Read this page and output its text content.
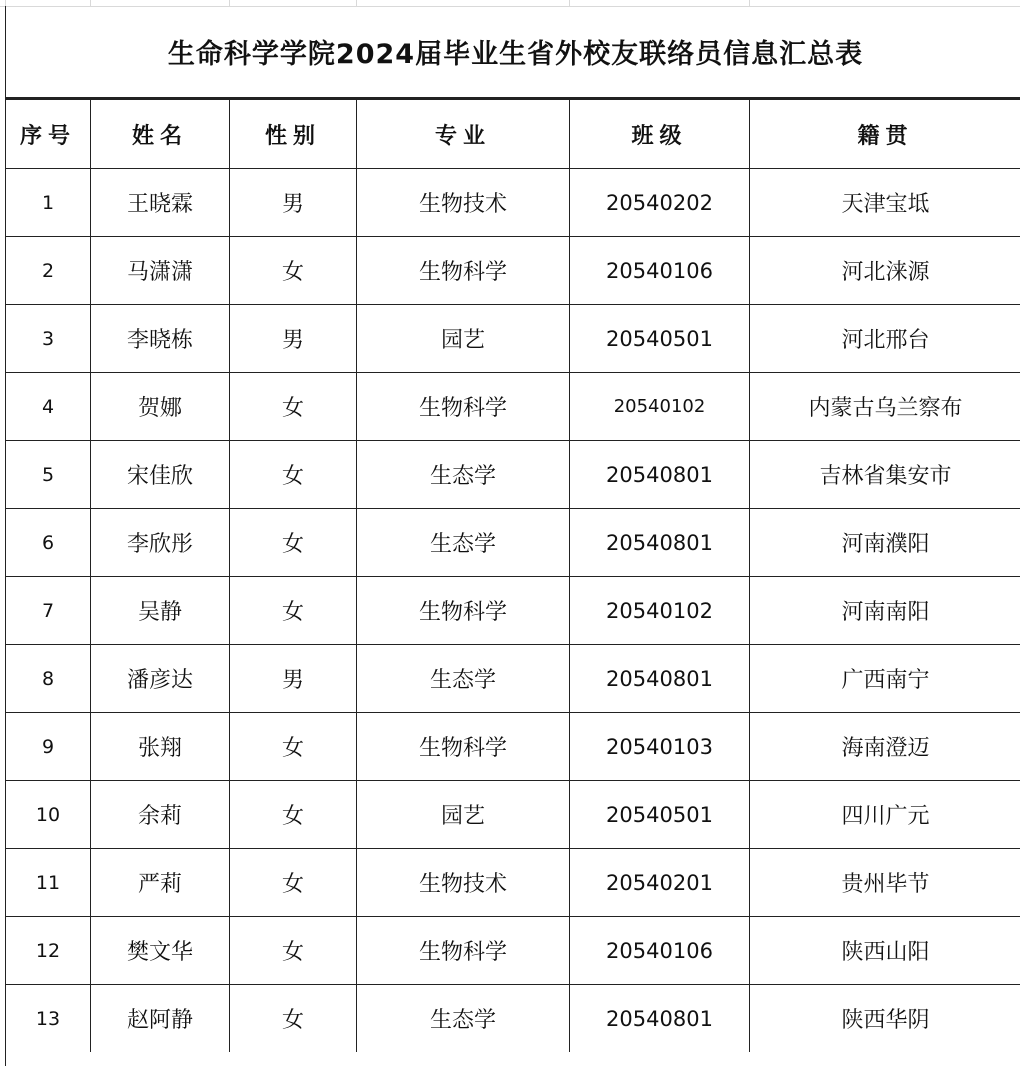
生命科学学院2024届毕业生省外校友联络员信息汇总表
序号	姓名	性别	专业	班级	籍贯
1	王晓霖	男	生物技术	20540202	天津宝坻
2	马潇潇	女	生物科学	20540106	河北涞源
3	李晓栋	男	园艺	20540501	河北邢台
4	贺娜	女	生物科学	20540102	内蒙古乌兰察布
5	宋佳欣	女	生态学	20540801	吉林省集安市
6	李欣彤	女	生态学	20540801	河南濮阳
7	吴静	女	生物科学	20540102	河南南阳
8	潘彦达	男	生态学	20540801	广西南宁
9	张翔	女	生物科学	20540103	海南澄迈
10	余莉	女	园艺	20540501	四川广元
11	严莉	女	生物技术	20540201	贵州毕节
12	樊文华	女	生物科学	20540106	陕西山阳
13	赵阿静	女	生态学	20540801	陕西华阴
